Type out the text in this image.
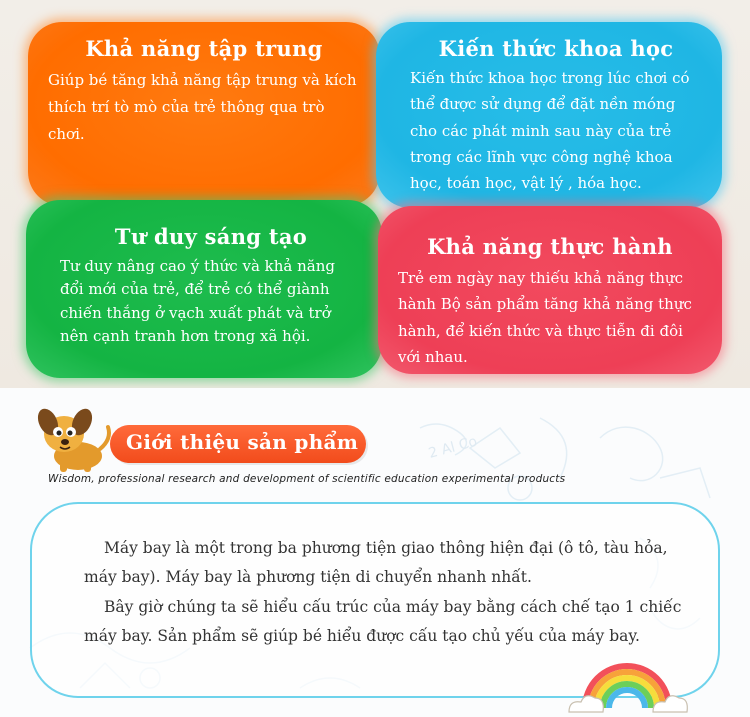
Khả năng tập trung

Giúp bé tăng khả năng tập trung và kích thích trí tò mò của trẻ thông qua trò chơi.

Kiến thức khoa học

Kiến thức khoa học trong lúc chơi có thể được sử dụng để đặt nền móng cho các phát minh sau này của trẻ trong các lĩnh vực công nghệ khoa học, toán học, vật lý , hóa học.

Tư duy sáng tạo

Tư duy nâng cao ý thức và khả năng đổi mới của trẻ, để trẻ có thể giành chiến thắng ở vạch xuất phát và trở nên cạnh tranh hơn trong xã hội.

Khả năng thực hành

Trẻ em ngày nay thiếu khả năng thực hành Bộ sản phẩm tăng khả năng thực hành, để kiến thức và thực tiễn đi đôi với nhau.

2 Al Co
Giới thiệu sản phẩm
Wisdom, professional research and development of scientific education experimental products

Máy bay là một trong ba phương tiện giao thông hiện đại (ô tô, tàu hỏa, máy bay). Máy bay là phương tiện di chuyển nhanh nhất.

Bây giờ chúng ta sẽ hiểu cấu trúc của máy bay bằng cách chế tạo 1 chiếc máy bay. Sản phẩm sẽ giúp bé hiểu được cấu tạo chủ yếu của máy bay.
